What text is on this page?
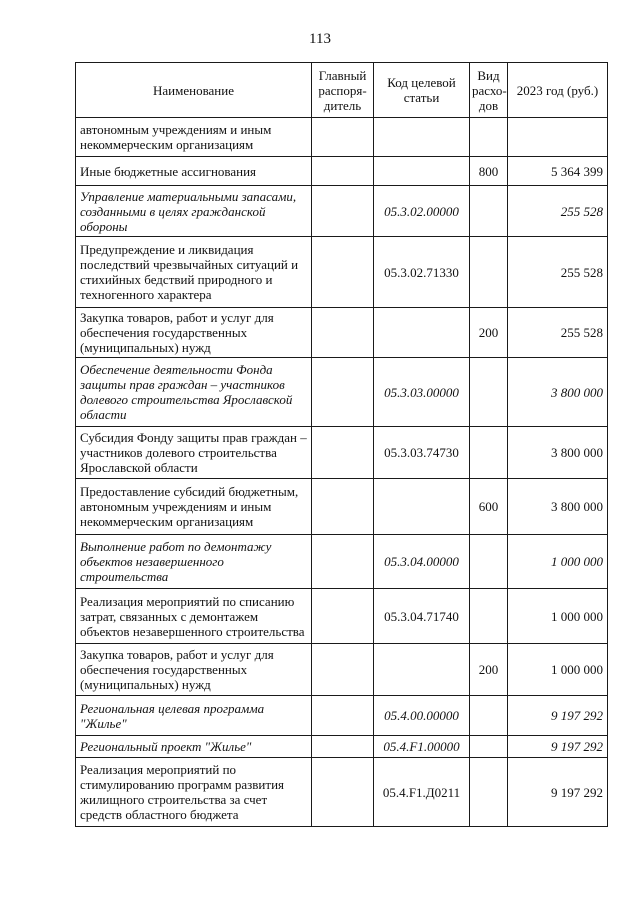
113
Наименование	Главный распоря-дитель	Код целевой статьи	Вид расхо-дов	2023 год (руб.)
автономным учреждениям и иным некоммерческим организациям				
Иные бюджетные ассигнования			800	5 364 399
Управление материальными запасами, созданными в целях гражданской обороны		05.3.02.00000		255 528
Предупреждение и ликвидация последствий чрезвычайных ситуаций и стихийных бедствий природного и техногенного характера		05.3.02.71330		255 528
Закупка товаров, работ и услуг для обеспечения государственных (муниципальных) нужд			200	255 528
Обеспечение деятельности Фонда защиты прав граждан – участников долевого строительства Ярославской области		05.3.03.00000		3 800 000
Субсидия Фонду защиты прав граждан – участников долевого строительства Ярославской области		05.3.03.74730		3 800 000
Предоставление субсидий бюджетным, автономным учреждениям и иным некоммерческим организациям			600	3 800 000
Выполнение работ по демонтажу объектов незавершенного строительства		05.3.04.00000		1 000 000
Реализация мероприятий по списанию затрат, связанных с демонтажем объектов незавершенного строительства		05.3.04.71740		1 000 000
Закупка товаров, работ и услуг для обеспечения государственных (муниципальных) нужд			200	1 000 000
Региональная целевая программа "Жилье"		05.4.00.00000		9 197 292
Региональный проект "Жилье"		05.4.F1.00000		9 197 292
Реализация мероприятий по стимулированию программ развития жилищного строительства за счет средств областного бюджета		05.4.F1.Д0211		9 197 292
